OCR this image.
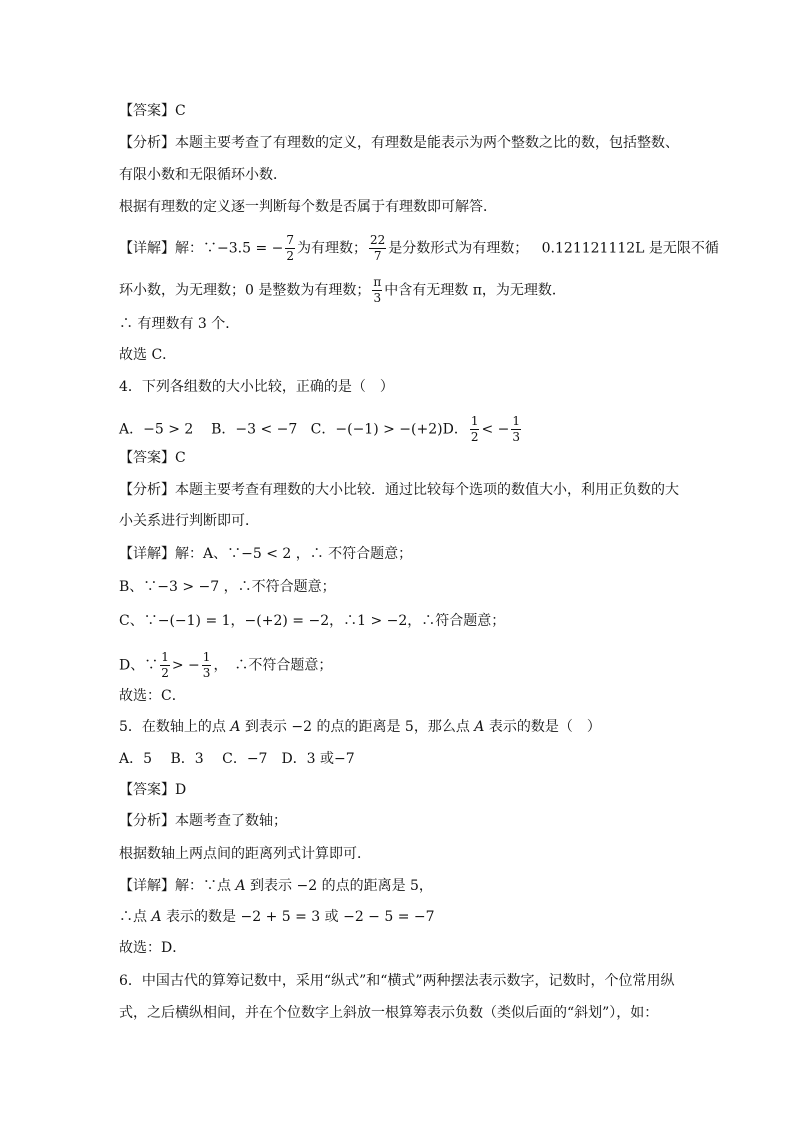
【答案】C
【分析】本题主要考查了有理数的定义，有理数是能表示为两个整数之比的数，包括整数、
有限小数和无限循环小数．
根据有理数的定义逐一判断每个数是否属于有理数即可解答．
【详解】解：∵−3.5 = − $\frac{7}{2}$ 为有理数； $\frac{22}{7}$ 是分数形式为有理数； 0.121121112L 是无限不循
环小数，为无理数；0 是整数为有理数； $\frac{\pi}{3}$ 中含有无理数 π，为无理数．
∴ 有理数有 3 个．
故选 C．
4．下列各组数的大小比较，正确的是（　）
A．−5 > 2 B．−3 < −7 C．−(−1) > −(+2)D． $\frac{1}{2}$ < − $\frac{1}{3}$
【答案】C
【分析】本题主要考查有理数的大小比较．通过比较每个选项的数值大小，利用正负数的大
小关系进行判断即可．
【详解】解：A、∵−5 < 2 ，∴ 不符合题意；
B、∵−3 > −7 ，∴不符合题意；
C、∵−(−1) = 1，−(+2) = −2，∴1 > −2，∴符合题意；
D、∵ $\frac{1}{2}$ > − $\frac{1}{3}$ ，　∴不符合题意；
故选：C．
5．在数轴上的点 A 到表示 −2 的点的距离是 5，那么点 A 表示的数是（　）
A．5　 B．3　 C．−7　D．3 或−7
【答案】D
【分析】本题考查了数轴；
根据数轴上两点间的距离列式计算即可．
【详解】解：∵点 A 到表示 −2 的点的距离是 5，
∴点 A 表示的数是 −2 + 5 = 3 或 −2 − 5 = −7
故选：D．
6．中国古代的算筹记数中，采用“纵式”和“横式”两种摆法表示数字，记数时，个位常用纵
式，之后横纵相间，并在个位数字上斜放一根算筹表示负数（类似后面的“斜划”），如：
